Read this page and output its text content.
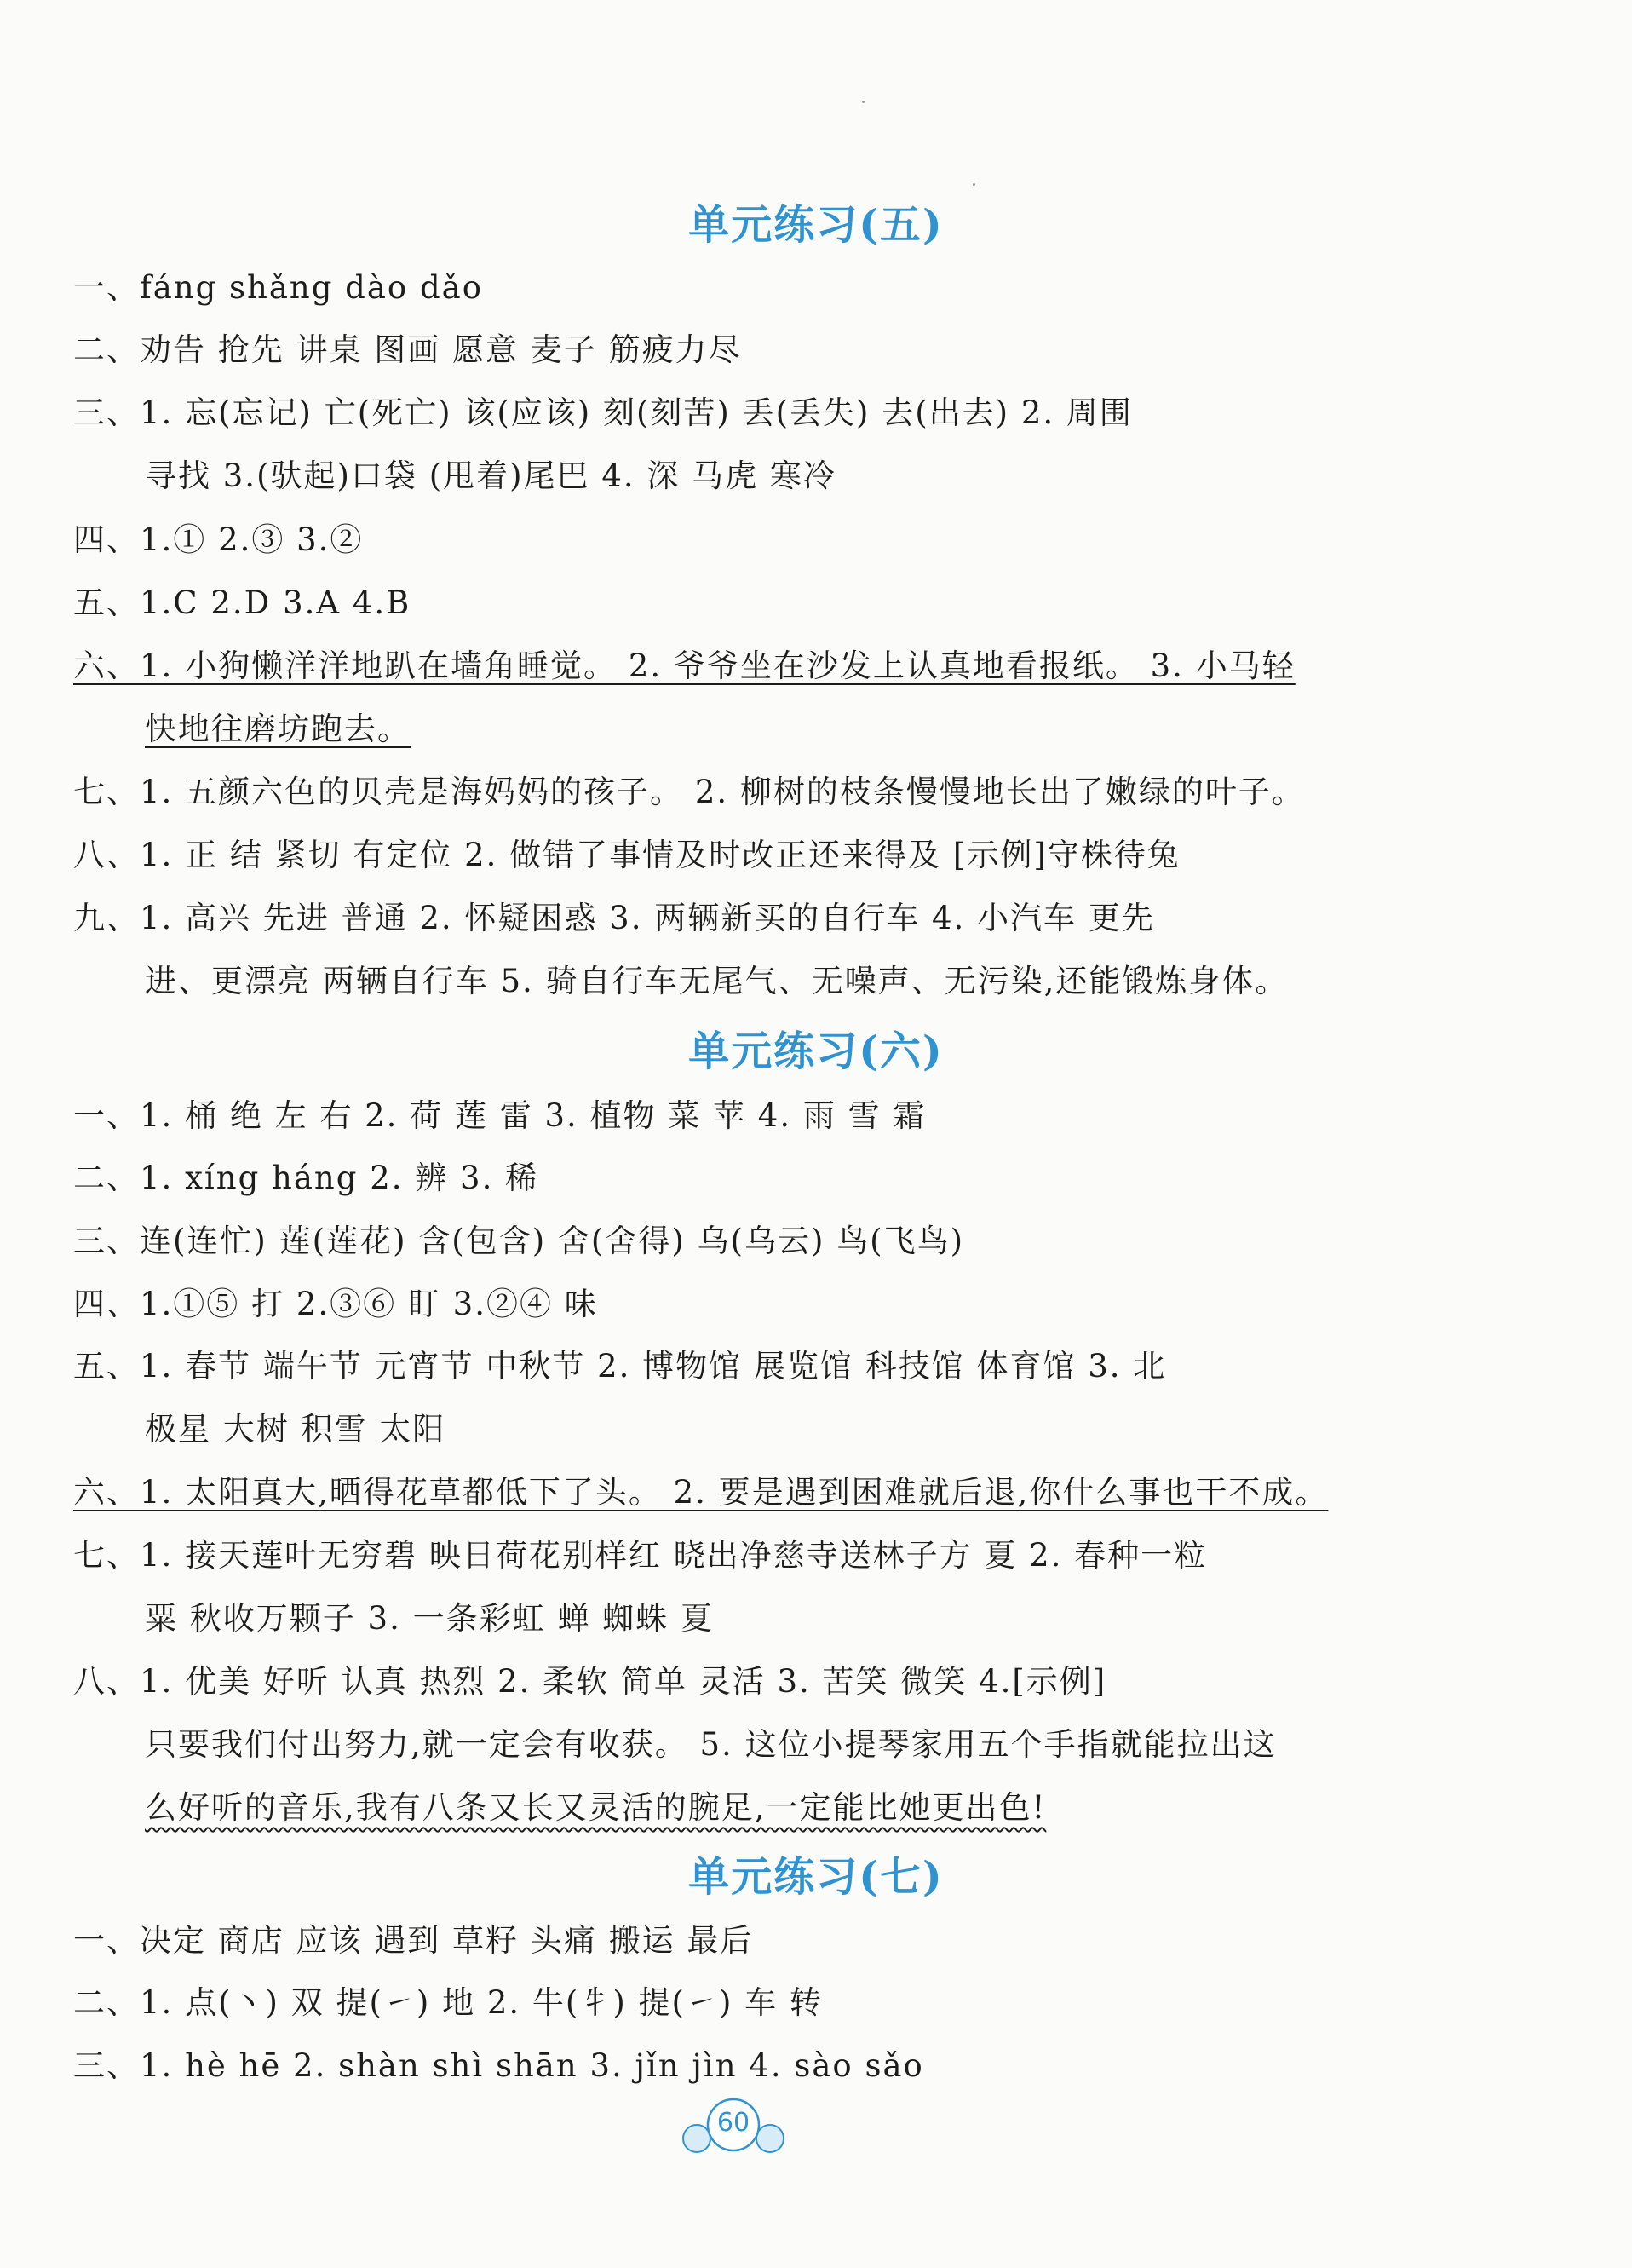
单元练习(五)
一、fáng shǎng dào dǎo
二、劝告 抢先 讲桌 图画 愿意 麦子 筋疲力尽
三、1. 忘(忘记) 亡(死亡) 该(应该) 刻(刻苦) 丢(丢失) 去(出去) 2. 周围
寻找 3.(驮起)口袋 (甩着)尾巴 4. 深 马虎 寒冷
四、1.① 2.③ 3.②
五、1.C 2.D 3.A 4.B
六、1. 小狗懒洋洋地趴在墙角睡觉。 2. 爷爷坐在沙发上认真地看报纸。 3. 小马轻
快地往磨坊跑去。
七、1. 五颜六色的贝壳是海妈妈的孩子。 2. 柳树的枝条慢慢地长出了嫩绿的叶子。
八、1. 正 结 紧切 有定位 2. 做错了事情及时改正还来得及 [示例]守株待兔
九、1. 高兴 先进 普通 2. 怀疑困惑 3. 两辆新买的自行车 4. 小汽车 更先
进、更漂亮 两辆自行车 5. 骑自行车无尾气、无噪声、无污染,还能锻炼身体。
单元练习(六)
一、1. 桶 绝 左 右 2. 荷 莲 雷 3. 植物 菜 苹 4. 雨 雪 霜
二、1. xíng háng 2. 辨 3. 稀
三、连(连忙) 莲(莲花) 含(包含) 舍(舍得) 乌(乌云) 鸟(飞鸟)
四、1.①⑤ 打 2.③⑥ 盯 3.②④ 味
五、1. 春节 端午节 元宵节 中秋节 2. 博物馆 展览馆 科技馆 体育馆 3. 北
极星 大树 积雪 太阳
六、1. 太阳真大,晒得花草都低下了头。 2. 要是遇到困难就后退,你什么事也干不成。
七、1. 接天莲叶无穷碧 映日荷花别样红 晓出净慈寺送林子方 夏 2. 春种一粒
粟 秋收万颗子 3. 一条彩虹 蝉 蜘蛛 夏
八、1. 优美 好听 认真 热烈 2. 柔软 简单 灵活 3. 苦笑 微笑 4.[示例]
只要我们付出努力,就一定会有收获。 5. 这位小提琴家用五个手指就能拉出这
么好听的音乐,我有八条又长又灵活的腕足,一定能比她更出色!
单元练习(七)
一、决定 商店 应该 遇到 草籽 头痛 搬运 最后
二、1. 点(丶) 双 提(㇀) 地 2. 牛(牜) 提(㇀) 车 转
三、1. hè hē 2. shàn shì shān 3. jǐn jìn 4. sào sǎo
60
